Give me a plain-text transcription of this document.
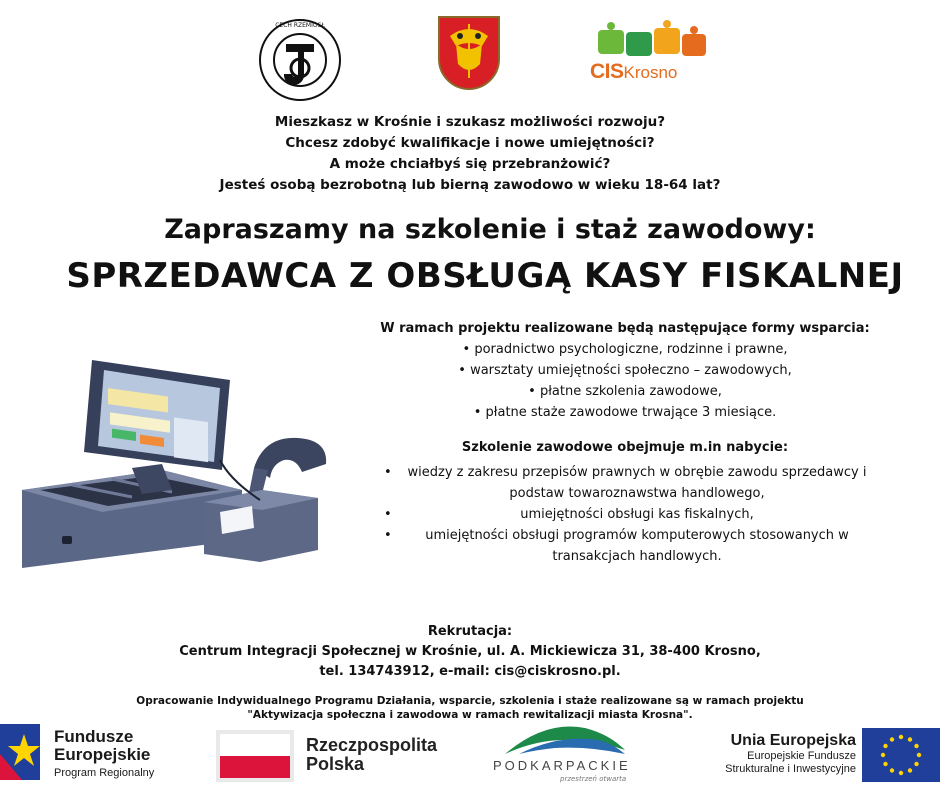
CECH RZEMIOSŁ
CISKrosno
Mieszkasz w Krośnie i szukasz możliwości rozwoju?
Chcesz zdobyć kwalifikacje i nowe umiejętności?
A może chciałbyś się przebranżowić?
Jesteś osobą bezrobotną lub bierną zawodowo w wieku 18-64 lat?
Zapraszamy na szkolenie i staż zawodowy:
SPRZEDAWCA Z OBSŁUGĄ KASY FISKALNEJ
W ramach projektu realizowane będą następujące formy wsparcia:
• poradnictwo psychologiczne, rodzinne i prawne,
• warsztaty umiejętności społeczno – zawodowych,
• płatne szkolenia zawodowe,
• płatne staże zawodowe trwające 3 miesiące.
Szkolenie zawodowe obejmuje m.in nabycie:
• wiedzy z zakresu przepisów prawnych w obrębie zawodu sprzedawcy i podstaw towaroznawstwa handlowego,
• umiejętności obsługi kas fiskalnych,
• umiejętności obsługi programów komputerowych stosowanych w transakcjach handlowych.
Rekrutacja:
Centrum Integracji Społecznej w Krośnie, ul. A. Mickiewicza 31, 38-400 Krosno,
tel. 134743912, e-mail: cis@ciskrosno.pl.
Opracowanie Indywidualnego Programu Działania, wsparcie, szkolenia i staże realizowane są w ramach projektu
"Aktywizacja społeczna i zawodowa w ramach rewitalizacji miasta Krosna".
Fundusze
Europejskie
Program Regionalny
Rzeczpospolita
Polska	PODKARPACKIE
przestrzeń otwarta
Unia Europejska
Europejskie Fundusze
Strukturalne i Inwestycyjne
